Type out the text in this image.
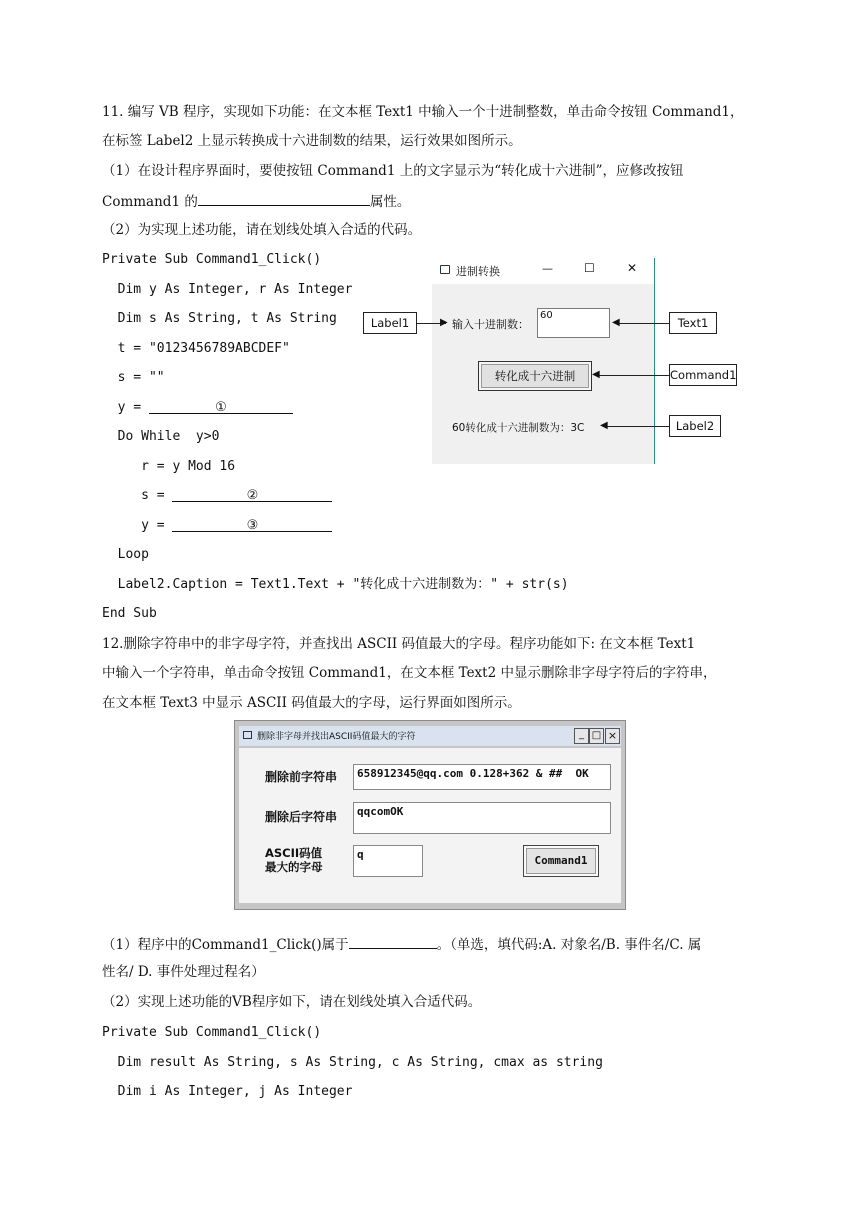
11. 编写 VB 程序，实现如下功能：在文本框 Text1 中输入一个十进制整数，单击命令按钮 Command1，
在标签 Label2 上显示转换成十六进制数的结果，运行效果如图所示。
（1）在设计程序界面时，要使按钮 Command1 上的文字显示为“转化成十六进制”，应修改按钮
Command1 的	属性。
（2）为实现上述功能，请在划线处填入合适的代码。
Private Sub Command1_Click()
Dim y As Integer, r As Integer
Dim s As String, t As String
t = "0123456789ABCDEF"
s = ""
y =	①
Do While  y>0
r = y Mod 16
s =	②
y =	③
Loop
Label2.Caption = Text1.Text + "转化成十六进制数为：" + str(s)
End Sub
进制转换	—	☐	✕
输入十进制数：
60
转化成十六进制
60转化成十六进制数为：3C
Label1	▶	Text1
◀
Command1
◀
Label2
◀
12.删除字符串中的非字母字符，并查找出 ASCII 码值最大的字母。程序功能如下: 在文本框 Text1
中输入一个字符串，单击命令按钮 Command1，在文本框 Text2 中显示删除非字母字符后的字符串，
在文本框 Text3 中显示 ASCII 码值最大的字母，运行界面如图所示。
删除非字母并找出ASCII码值最大的字符	_ □ ×
删除前字符串	658912345@qq.com 0.128+362 & ##  OK
删除后字符串	qqcomOK
ASCII码值
最大的字母
q	Command1
（1）程序中的Command1_Click()属于	。（单选，填代码:A. 对象名/B. 事件名/C. 属
性名/ D. 事件处理过程名）
（2）实现上述功能的VB程序如下，请在划线处填入合适代码。
Private Sub Command1_Click()
Dim result As String, s As String, c As String, cmax as string
Dim i As Integer, j As Integer
